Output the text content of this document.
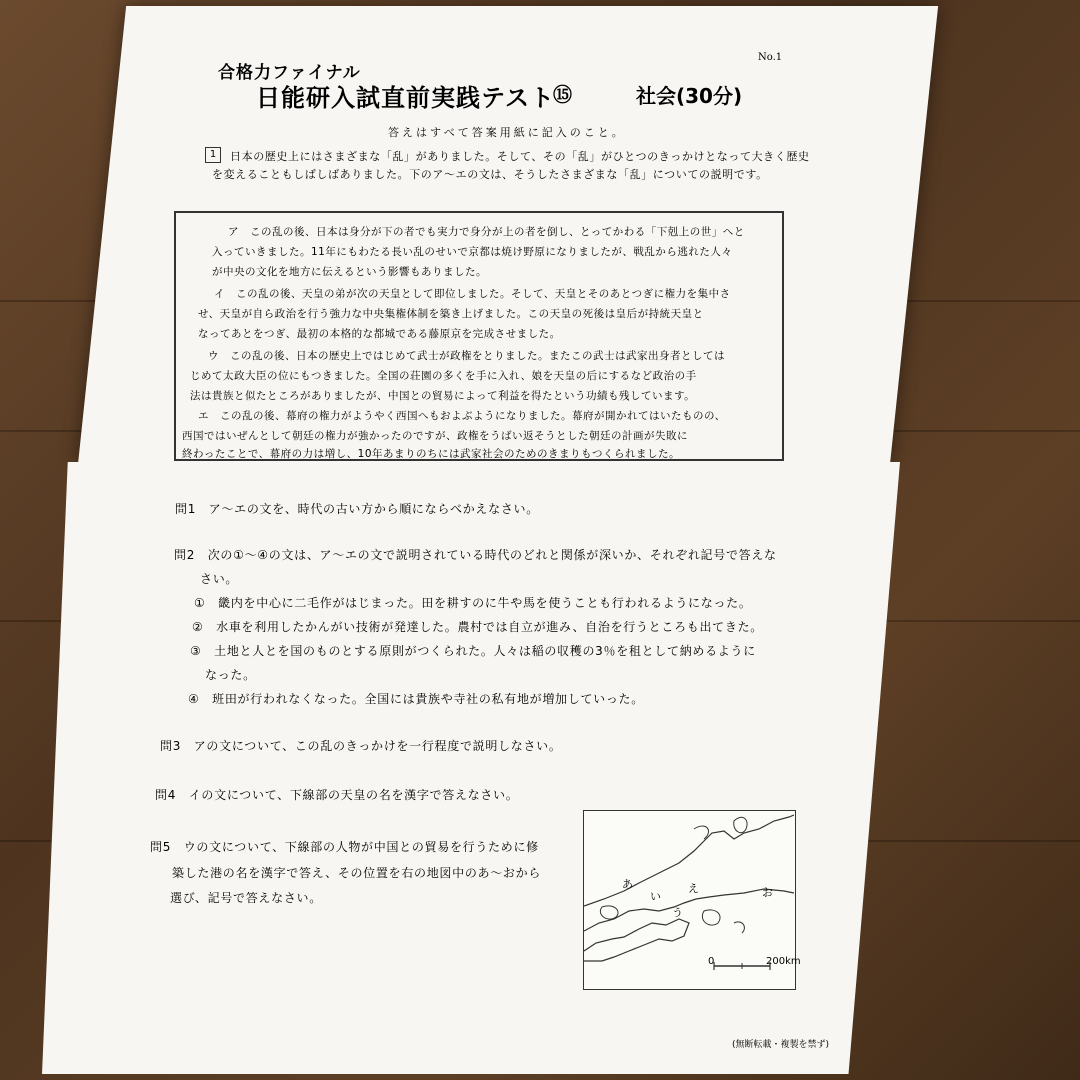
合格力ファイナル
日能研入試直前実践テスト
⑮	社会(30分)
No.1
答えはすべて答案用紙に記入のこと。
1	日本の歴史上にはさまざまな「乱」がありました。そして、その「乱」がひとつのきっかけとなって大きく歴史
を変えることもしばしばありました。下のア～エの文は、そうしたさまざまな「乱」についての説明です。
ア　この乱の後、日本は身分が下の者でも実力で身分が上の者を倒し、とってかわる「下剋上の世」へと
入っていきました。11年にもわたる長い乱のせいで京都は焼け野原になりましたが、戦乱から逃れた人々
が中央の文化を地方に伝えるという影響もありました。
イ　この乱の後、天皇の弟が次の天皇として即位しました。そして、天皇とそのあとつぎに権力を集中さ
せ、天皇が自ら政治を行う強力な中央集権体制を築き上げました。この天皇の死後は皇后が持統天皇と
なってあとをつぎ、最初の本格的な都城である藤原京を完成させました。
ウ　この乱の後、日本の歴史上ではじめて武士が政権をとりました。またこの武士は武家出身者としては
じめて太政大臣の位にもつきました。全国の荘園の多くを手に入れ、娘を天皇の后にするなど政治の手
法は貴族と似たところがありましたが、中国との貿易によって利益を得たという功績も残しています。
エ　この乱の後、幕府の権力がようやく西国へもおよぶようになりました。幕府が開かれてはいたものの、
西国ではいぜんとして朝廷の権力が強かったのですが、政権をうばい返そうとした朝廷の計画が失敗に
終わったことで、幕府の力は増し、10年あまりのちには武家社会のためのきまりもつくられました。
問1　ア～エの文を、時代の古い方から順にならべかえなさい。
問2　次の①～④の文は、ア～エの文で説明されている時代のどれと関係が深いか、それぞれ記号で答えな
さい。
①　畿内を中心に二毛作がはじまった。田を耕すのに牛や馬を使うことも行われるようになった。
②　水車を利用したかんがい技術が発達した。農村では自立が進み、自治を行うところも出てきた。
③　土地と人とを国のものとする原則がつくられた。人々は稲の収穫の3％を租として納めるように
なった。
④　班田が行われなくなった。全国には貴族や寺社の私有地が増加していった。
問3　アの文について、この乱のきっかけを一行程度で説明しなさい。
問4　イの文について、下線部の天皇の名を漢字で答えなさい。
問5　ウの文について、下線部の人物が中国との貿易を行うために修
築した港の名を漢字で答え、その位置を右の地図中のあ～おから
選び、記号で答えなさい。
あ
い
う
え	お
0	200km
(無断転載・複製を禁ず)
